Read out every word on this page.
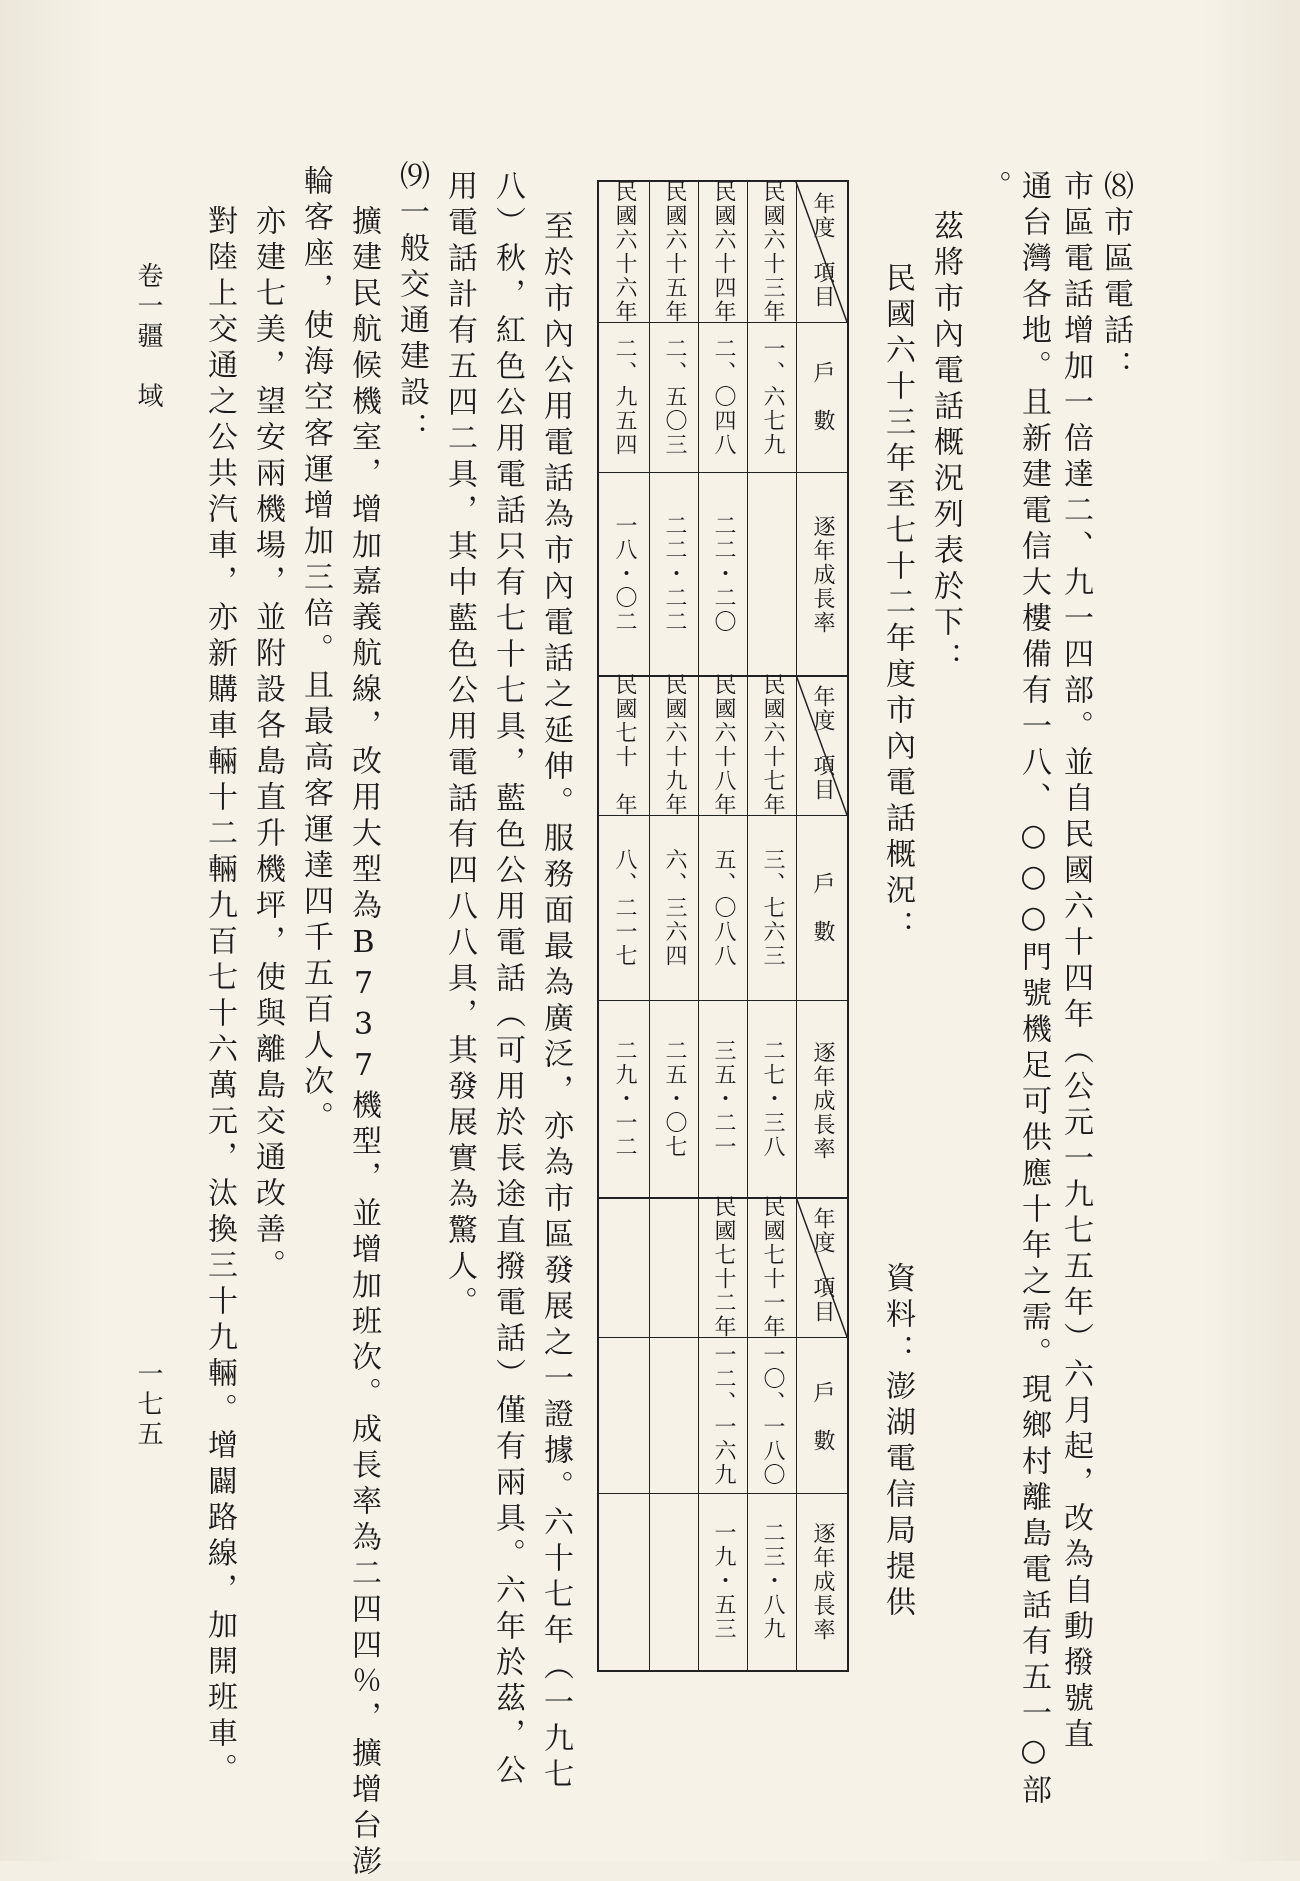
⑻市區電話：
市區電話增加一倍達二、九一四部。並自民國六十四年（公元一九七五年）六月起，改為自動撥號直
通台灣各地。且新建電信大樓備有一八、○○○門號機足可供應十年之需。現鄉村離島電話有五一○部
。
茲將市內電話概況列表於下：
民國六十三年至七十二年度市內電話概況：
資料：澎湖電信局提供
年度
項目
戶　數
逐年成長率
民國六十三年
一、六七九
民國六十四年
二、〇四八
二二・二〇
民國六十五年
二、五〇三
二二・二二
民國六十六年
二、九五四
一八・〇二
年度
項目
戶　數
逐年成長率
民國六十七年
三、七六三
二七・三八
民國六十八年
五、〇八八
三五・二一
民國六十九年
六、三六四
二五・〇七
民國七十　年
八、二一七
二九・一二
年度
項目
戶　數
逐年成長率
民國七十一年
一〇、一八〇
二三・八九
民國七十二年
一二、一六九
一九・五三
至於市內公用電話為市內電話之延伸。服務面最為廣泛，亦為市區發展之一證據。六十七年（一九七
八）秋，紅色公用電話只有七十七具，藍色公用電話（可用於長途直撥電話）僅有兩具。六年於茲，公
用電話計有五四二具，其中藍色公用電話有四八八具，其發展實為驚人。
⑼一般交通建設：
擴建民航候機室，增加嘉義航線，改用大型為B737機型，並增加班次。成長率為二四四％，擴增台澎
輪客座，使海空客運增加三倍。且最高客運達四千五百人次。
亦建七美，望安兩機場，並附設各島直升機坪，使與離島交通改善。
對陸上交通之公共汽車，亦新購車輛十二輛九百七十六萬元，汰換三十九輛。增闢路線，加開班車。
卷一疆　域
一七五
